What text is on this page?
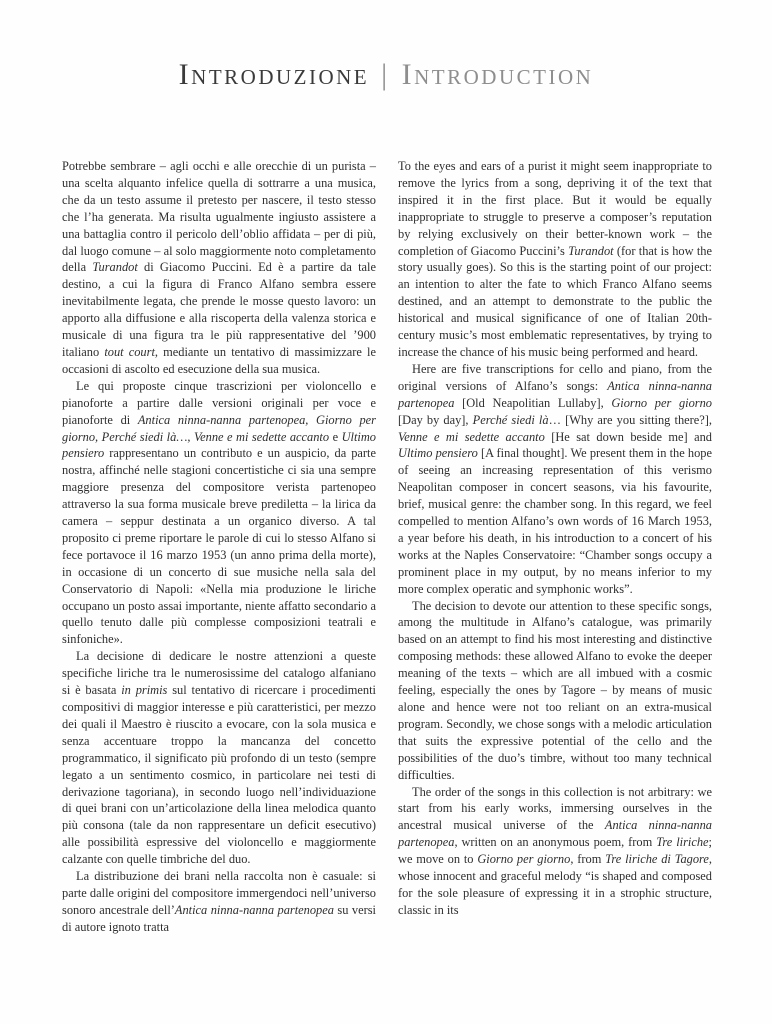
Introduzione | Introduction

Potrebbe sembrare – agli occhi e alle orecchie di un purista – una scelta alquanto infelice quella di sottrarre a una musica, che da un testo assume il pretesto per nascere, il testo stesso che l’ha generata. Ma risulta ugualmente ingiusto assistere a una battaglia contro il pericolo dell’oblio affidata – per di più, dal luogo comune – al solo maggiormente noto completamento della Turandot di Giacomo Puccini. Ed è a partire da tale destino, a cui la figura di Franco Alfano sembra essere inevitabilmente legata, che prende le mosse questo lavoro: un apporto alla diffusione e alla riscoperta della valenza storica e musicale di una figura tra le più rappresentative del ’900 italiano tout court, mediante un tentativo di massimizzare le occasioni di ascolto ed esecuzione della sua musica.

Le qui proposte cinque trascrizioni per violoncello e pianoforte a partire dalle versioni originali per voce e pianoforte di Antica ninna-nanna partenopea, Giorno per giorno, Perché siedi là…, Venne e mi sedette accanto e Ultimo pensiero rappresentano un contributo e un auspicio, da parte nostra, affinché nelle stagioni concertistiche ci sia una sempre maggiore presenza del compositore verista partenopeo attraverso la sua forma musicale breve prediletta – la lirica da camera – seppur destinata a un organico diverso. A tal proposito ci preme riportare le parole di cui lo stesso Alfano si fece portavoce il 16 marzo 1953 (un anno prima della morte), in occasione di un concerto di sue musiche nella sala del Conservatorio di Napoli: «Nella mia produzione le liriche occupano un posto assai importante, niente affatto secondario a quello tenuto dalle più complesse composizioni teatrali e sinfoniche».

La decisione di dedicare le nostre attenzioni a queste specifiche liriche tra le numerosissime del catalogo alfaniano si è basata in primis sul tentativo di ricercare i procedimenti compositivi di maggior interesse e più caratteristici, per mezzo dei quali il Maestro è riuscito a evocare, con la sola musica e senza accentuare troppo la mancanza del concetto programmatico, il significato più profondo di un testo (sempre legato a un sentimento cosmico, in particolare nei testi di derivazione tagoriana), in secondo luogo nell’individuazione di quei brani con un’articolazione della linea melodica quanto più consona (tale da non rappresentare un deficit esecutivo) alle possibilità espressive del violoncello e maggiormente calzante con quelle timbriche del duo.

La distribuzione dei brani nella raccolta non è casuale: si parte dalle origini del compositore immergendoci nell’universo sonoro ancestrale dell’Antica ninna-nanna partenopea su versi di autore ignoto tratta

To the eyes and ears of a purist it might seem inappropriate to remove the lyrics from a song, depriving it of the text that inspired it in the first place. But it would be equally inappropriate to struggle to preserve a composer’s reputation by relying exclusively on their better-known work – the completion of Giacomo Puccini’s Turandot (for that is how the story usually goes). So this is the starting point of our project: an intention to alter the fate to which Franco Alfano seems destined, and an attempt to demonstrate to the public the historical and musical significance of one of Italian 20th-century music’s most emblematic representatives, by trying to increase the chance of his music being performed and heard.

Here are five transcriptions for cello and piano, from the original versions of Alfano’s songs: Antica ninna-nanna partenopea [Old Neapolitian Lullaby], Giorno per giorno [Day by day], Perché siedi là… [Why are you sitting there?], Venne e mi sedette accanto [He sat down beside me] and Ultimo pensiero [A final thought]. We present them in the hope of seeing an increasing representation of this verismo Neapolitan composer in concert seasons, via his favourite, brief, musical genre: the chamber song. In this regard, we feel compelled to mention Alfano’s own words of 16 March 1953, a year before his death, in his introduction to a concert of his works at the Naples Conservatoire: “Chamber songs occupy a prominent place in my output, by no means inferior to my more complex operatic and symphonic works”.

The decision to devote our attention to these specific songs, among the multitude in Alfano’s catalogue, was primarily based on an attempt to find his most interesting and distinctive composing methods: these allowed Alfano to evoke the deeper meaning of the texts – which are all imbued with a cosmic feeling, especially the ones by Tagore – by means of music alone and hence were not too reliant on an extra-musical program. Secondly, we chose songs with a melodic articulation that suits the expressive potential of the cello and the possibilities of the duo’s timbre, without too many technical difficulties.

The order of the songs in this collection is not arbitrary: we start from his early works, immersing ourselves in the ancestral musical universe of the Antica ninna-nanna partenopea, written on an anonymous poem, from Tre liriche; we move on to Giorno per giorno, from Tre liriche di Tagore, whose innocent and graceful melody “is shaped and composed for the sole pleasure of expressing it in a strophic structure, classic in its
